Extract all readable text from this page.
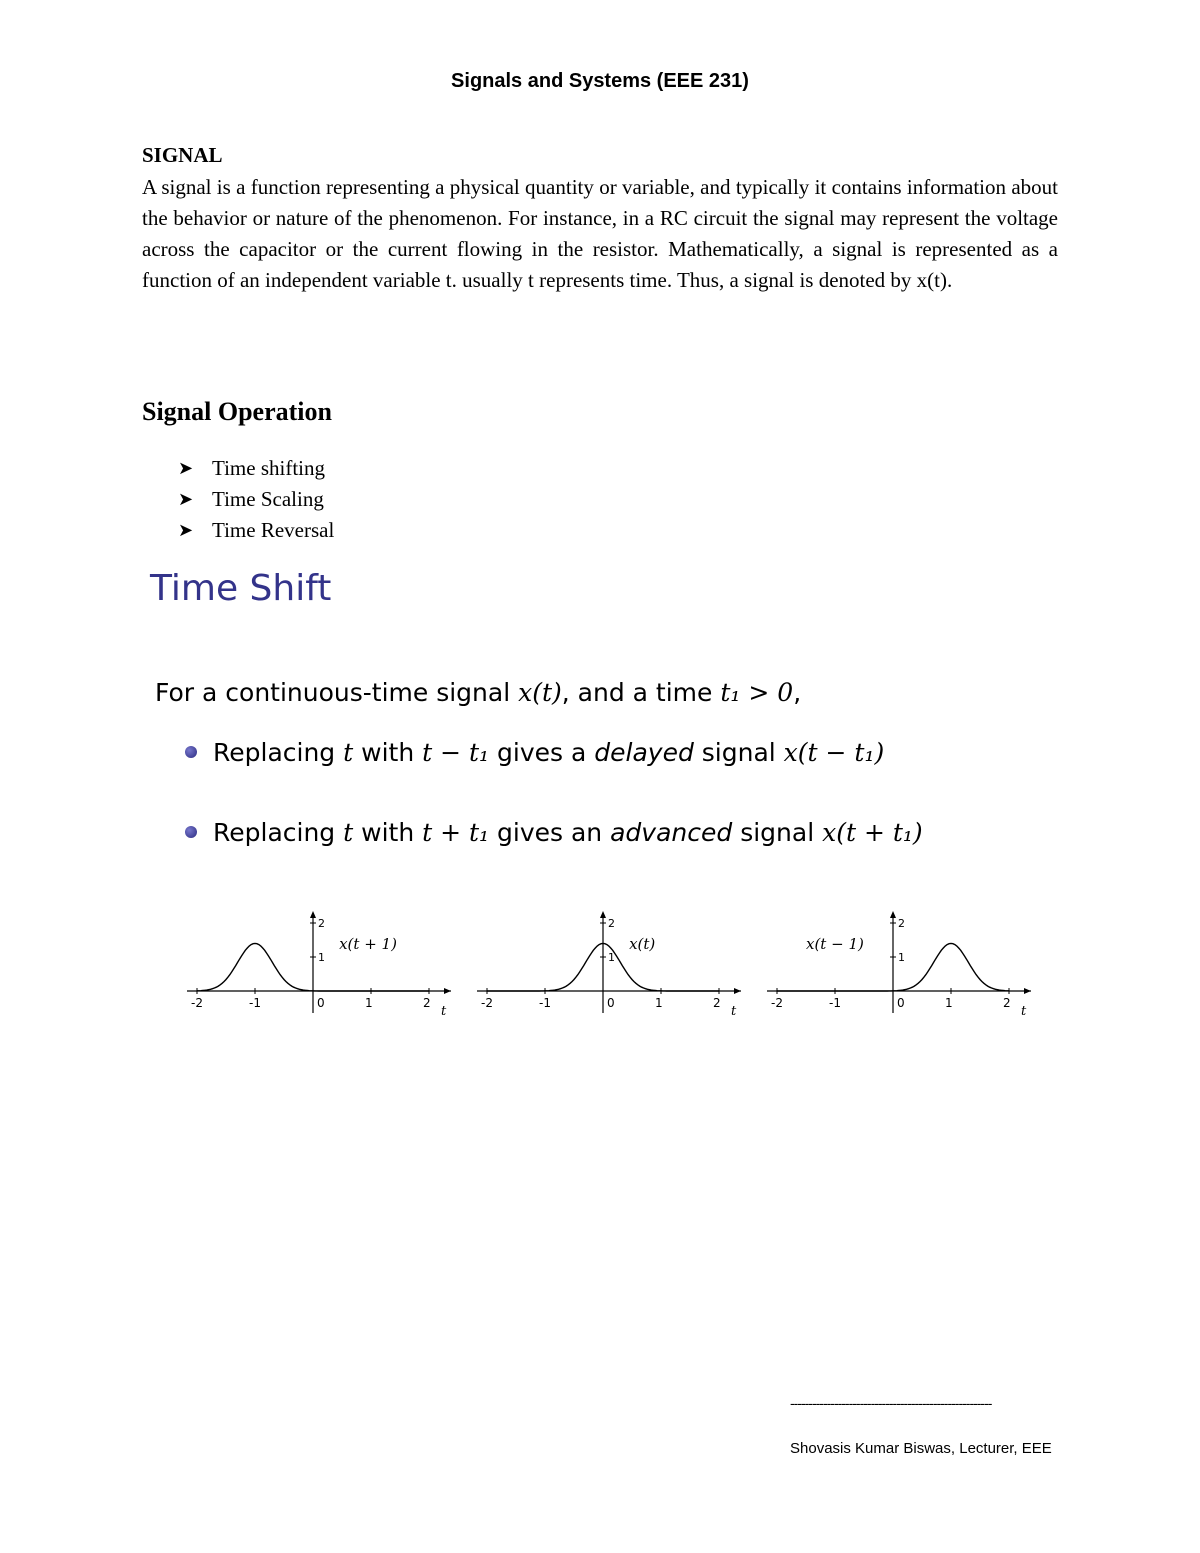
Signals and Systems (EEE 231)
SIGNAL
A signal is a function representing a physical quantity or variable, and typically it contains information about the behavior or nature of the phenomenon. For instance, in a RC circuit the signal may represent the voltage across the capacitor or the current flowing in the resistor. Mathematically, a signal is represented as a function of an independent variable t. usually t represents time. Thus, a signal is denoted by x(t).
Signal Operation
➤ Time shifting
➤ Time Scaling
➤ Time Reversal
Time Shift
For a continuous-time signal x(t), and a time t₁ > 0,
Replacing t with t − t₁ gives a delayed signal x(t − t₁)
Replacing t with t + t₁ gives an advanced signal x(t + t₁)
-2	-1	0	1	2
1
2
t
x(t + 1)
-2	-1	0	1	2
1
2
t
x(t)
-2	-1	0	1	2
1
2
t
x(t − 1)
-------------------------------------------------------
Shovasis Kumar Biswas, Lecturer, EEE
